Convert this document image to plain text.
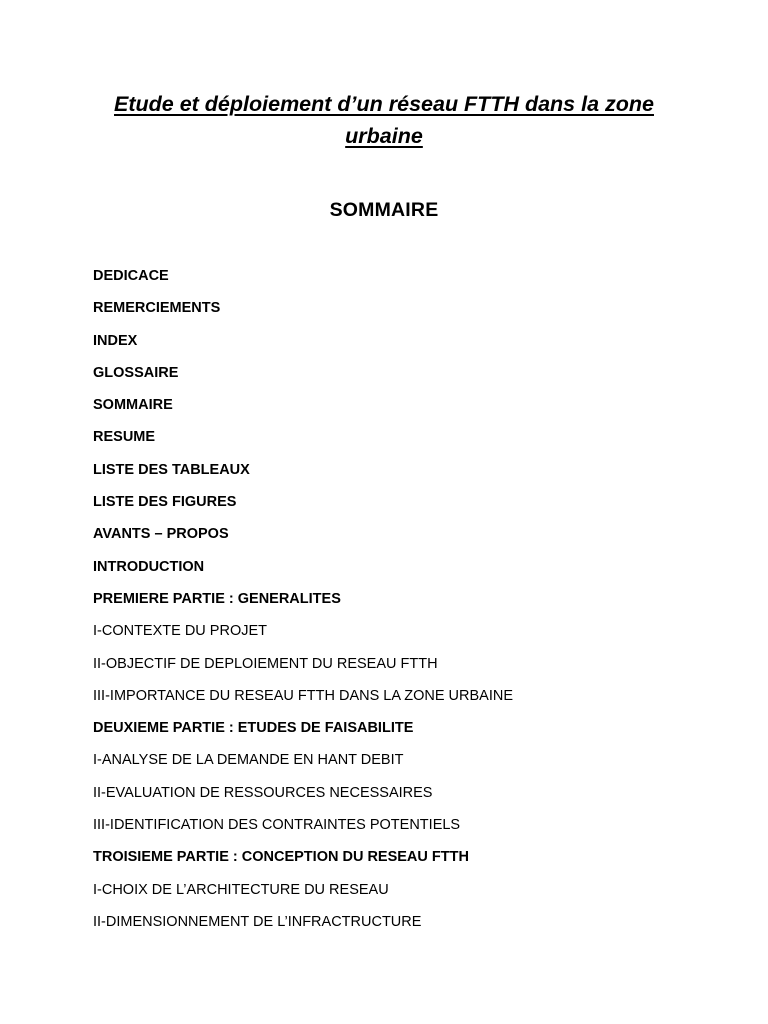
Etude et déploiement d’un réseau FTTH dans la zone urbaine
SOMMAIRE
DEDICACE
REMERCIEMENTS
INDEX
GLOSSAIRE
SOMMAIRE
RESUME
LISTE DES TABLEAUX
LISTE DES FIGURES
AVANTS – PROPOS
INTRODUCTION
PREMIERE PARTIE : GENERALITES
I-CONTEXTE DU PROJET
II-OBJECTIF DE DEPLOIEMENT DU RESEAU FTTH
III-IMPORTANCE DU RESEAU FTTH DANS LA ZONE URBAINE
DEUXIEME PARTIE : ETUDES DE FAISABILITE
I-ANALYSE DE LA DEMANDE EN HANT DEBIT
II-EVALUATION DE RESSOURCES NECESSAIRES
III-IDENTIFICATION DES CONTRAINTES POTENTIELS
TROISIEME PARTIE : CONCEPTION DU RESEAU FTTH
I-CHOIX DE L’ARCHITECTURE DU RESEAU
II-DIMENSIONNEMENT DE L’INFRACTRUCTURE
